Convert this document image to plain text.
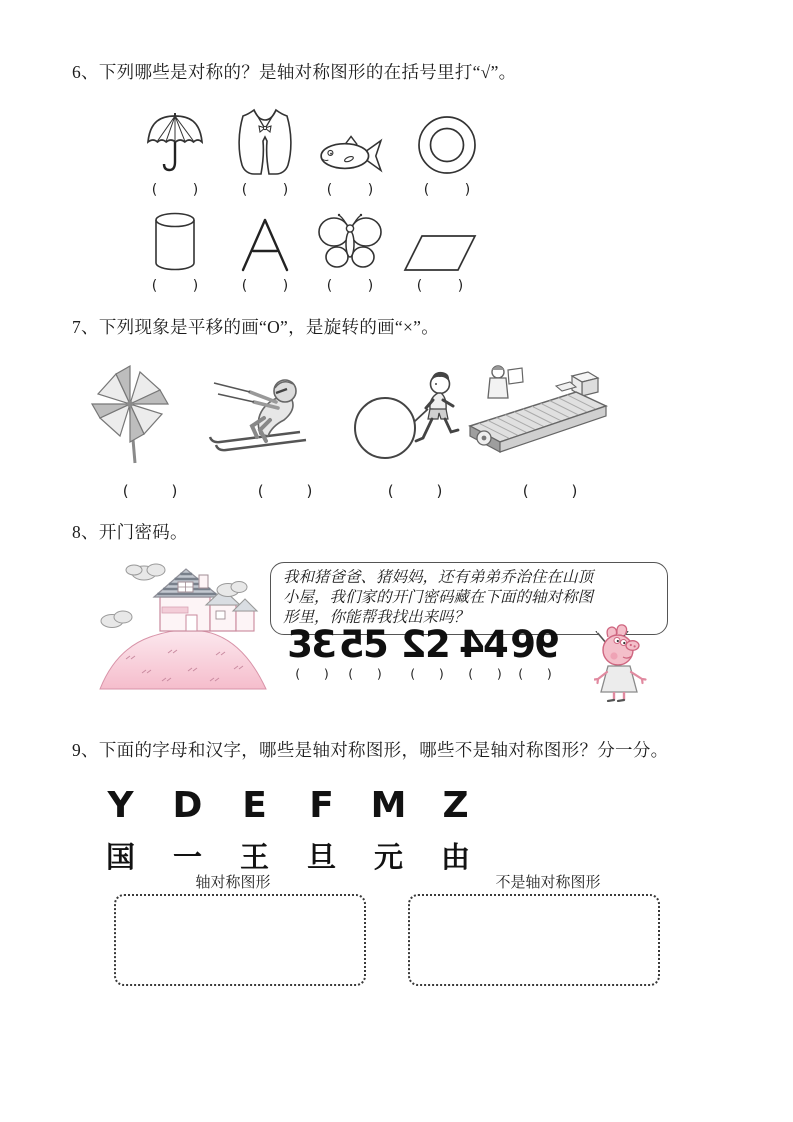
6、下列哪些是对称的？是轴对称图形的在括号里打“√”。
(        )	(        )	(        )	(        )
(        )	(        )	(        )	(        )
7、下列现象是平移的画“O”，是旋转的画“×”。
(         )	(         )	(         )	(         )
8、开门密码。
我和猪爸爸、猪妈妈，还有弟弟乔治住在山顶
小屋，我们家的开门密码藏在下面的轴对称图
形里，你能帮我找出来吗？
33
(      )
55
(      )
22
(      )
44
(      )
99
(      )
9、下面的字母和汉字，哪些是轴对称图形，哪些不是轴对称图形？分一分。
Y	D	E	F	M	Z
国	一	王	旦	元	由
轴对称图形	不是轴对称图形
